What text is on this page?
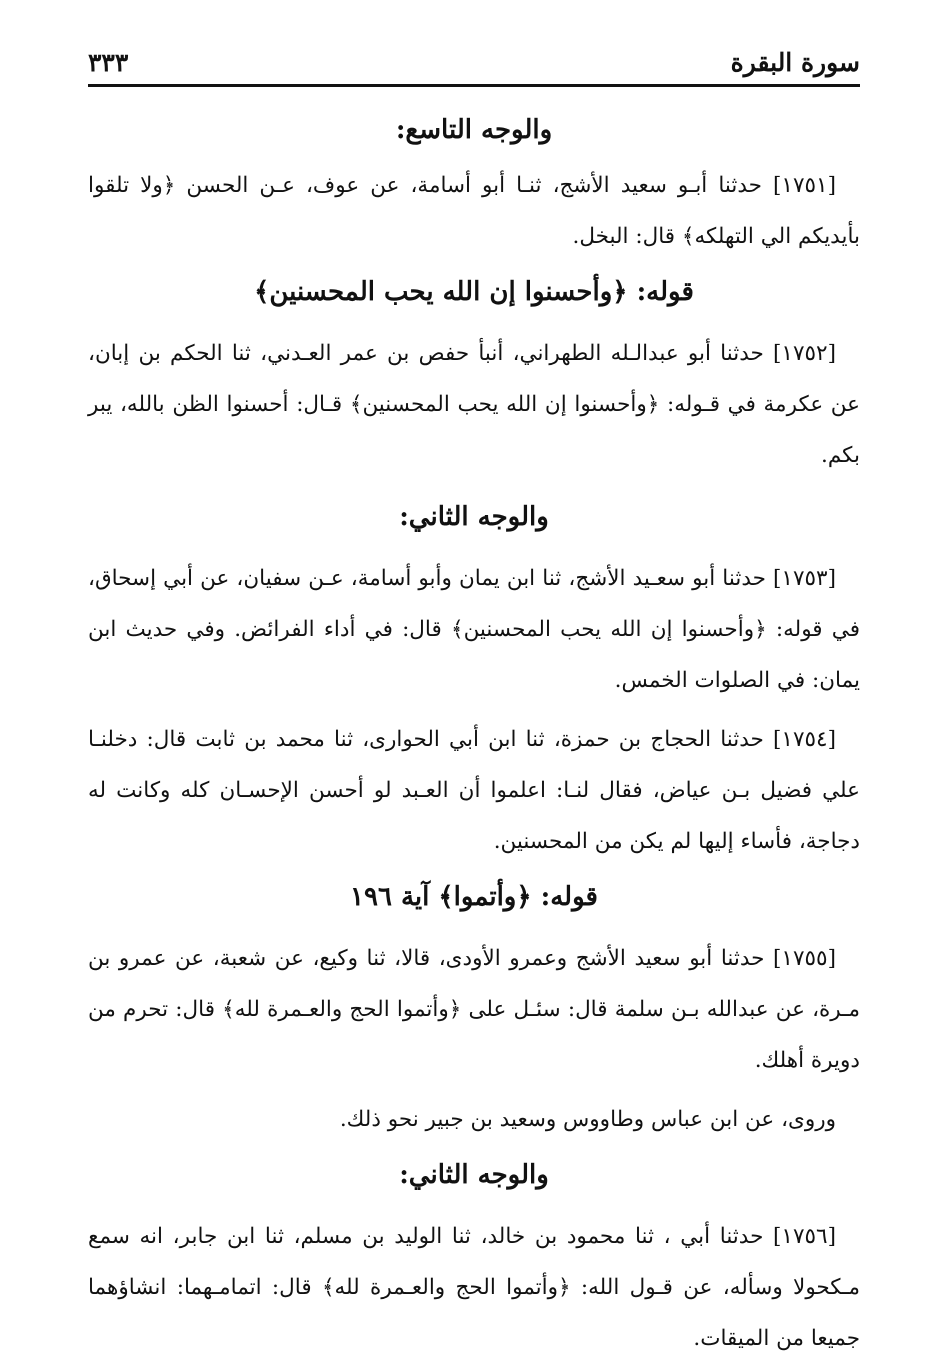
سورة البقرة
٣٣٣
والوجه التاسع:

[١٧٥١] حدثنا أبـو سعيد الأشج، ثنـا أبو أسامة، عن عوف، عـن الحسن ﴿ولا تلقوا بأيديكم الي التهلكه﴾ قال: البخل.

قوله: ﴿وأحسنوا إن الله يحب المحسنين﴾

[١٧٥٢] حدثنا أبو عبدالـله الطهراني، أنبأ حفص بن عمر العـدني، ثنا الحكم بن إبان، عن عكرمة في قـوله: ﴿وأحسنوا إن الله يحب المحسنين﴾ قـال: أحسنوا الظن بالله، يبر بكم.

والوجه الثاني:

[١٧٥٣] حدثنا أبو سعـيد الأشج، ثنا ابن يمان وأبو أسامة، عـن سفيان، عن أبي إسحاق، في قوله: ﴿وأحسنوا إن الله يحب المحسنين﴾ قال: في أداء الفرائض. وفي حديث ابن يمان: في الصلوات الخمس.

[١٧٥٤] حدثنا الحجاج بن حمزة، ثنا ابن أبي الحوارى، ثنا محمد بن ثابت قال: دخلنـا علي فضيل بـن عياض، فقال لنـا: اعلموا أن العـبد لو أحسن الإحسـان كله وكانت له دجاجة، فأساء إليها لم يكن من المحسنين.

قوله: ﴿وأتموا﴾ آية ١٩٦

[١٧٥٥] حدثنا أبو سعيد الأشج وعمرو الأودى، قالا، ثنا وكيع، عن شعبة، عن عمرو بن مـرة، عن عبدالله بـن سلمة قال: سئـل على ﴿وأتموا الحج والعـمرة لله﴾ قال: تحرم من دويرة أهلك.

وروى، عن ابن عباس وطاووس وسعيد بن جبير نحو ذلك.

والوجه الثاني:

[١٧٥٦] حدثنا أبي ، ثنا محمود بن خالد، ثنا الوليد بن مسلم، ثنا ابن جابر، انه سمع مـكحولا وسأله، عن قـول الله: ﴿وأتموا الحج والعـمرة لله﴾ قال: اتمامـهما: انشاؤهما جميعا من الميقات.
